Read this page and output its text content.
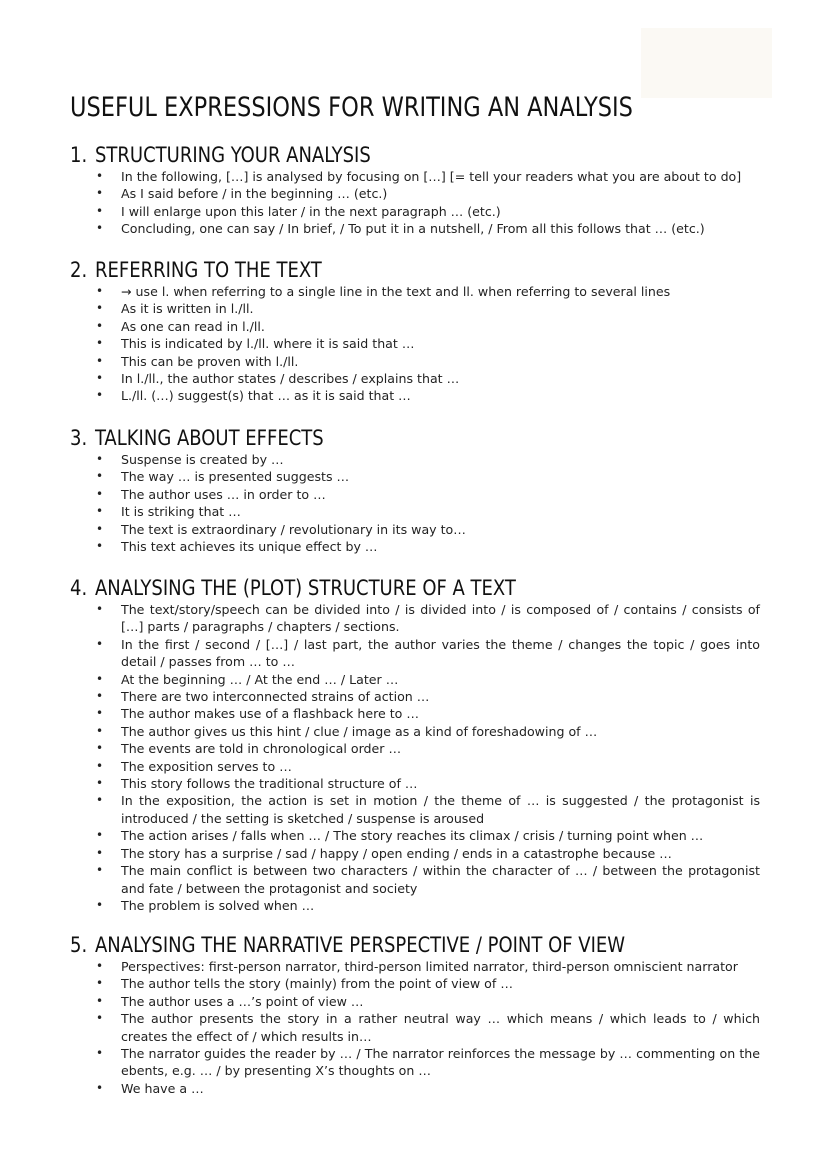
USEFUL EXPRESSIONS FOR WRITING AN ANALYSIS
1. STRUCTURING YOUR ANALYSIS
• In the following, […] is analysed by focusing on […] [= tell your readers what you are about to do]
• As I said before / in the beginning … (etc.)
• I will enlarge upon this later / in the next paragraph … (etc.)
• Concluding, one can say / In brief, / To put it in a nutshell, / From all this follows that … (etc.)
2. REFERRING TO THE TEXT
• → use l. when referring to a single line in the text and ll. when referring to several lines
• As it is written in l./ll.
• As one can read in l./ll.
• This is indicated by l./ll. where it is said that …
• This can be proven with l./ll.
• In l./ll., the author states / describes / explains that …
• L./ll. (…) suggest(s) that … as it is said that …
3. TALKING ABOUT EFFECTS
• Suspense is created by …
• The way … is presented suggests …
• The author uses … in order to …
• It is striking that …
• The text is extraordinary / revolutionary in its way to…
• This text achieves its unique effect by …
4. ANALYSING THE (PLOT) STRUCTURE OF A TEXT
• The text/story/speech can be divided into / is divided into / is composed of / contains / consists of […] parts / paragraphs / chapters / sections.
• In the first / second / […] / last part, the author varies the theme / changes the topic / goes into detail / passes from … to …
• At the beginning … / At the end … / Later …
• There are two interconnected strains of action …
• The author makes use of a flashback here to …
• The author gives us this hint / clue / image as a kind of foreshadowing of …
• The events are told in chronological order …
• The exposition serves to …
• This story follows the traditional structure of …
• In the exposition, the action is set in motion / the theme of … is suggested / the protagonist is introduced / the setting is sketched / suspense is aroused
• The action arises / falls when … / The story reaches its climax / crisis / turning point when …
• The story has a surprise / sad / happy / open ending / ends in a catastrophe because …
• The main conflict is between two characters / within the character of … / between the protagonist and fate / between the protagonist and society
• The problem is solved when …
5. ANALYSING THE NARRATIVE PERSPECTIVE / POINT OF VIEW
• Perspectives: first-person narrator, third-person limited narrator, third-person omniscient narrator
• The author tells the story (mainly) from the point of view of …
• The author uses a …’s point of view …
• The author presents the story in a rather neutral way … which means / which leads to / which creates the effect of / which results in…
• The narrator guides the reader by … / The narrator reinforces the message by … commenting on the ebents, e.g. … / by presenting X’s thoughts on …
• We have a …
